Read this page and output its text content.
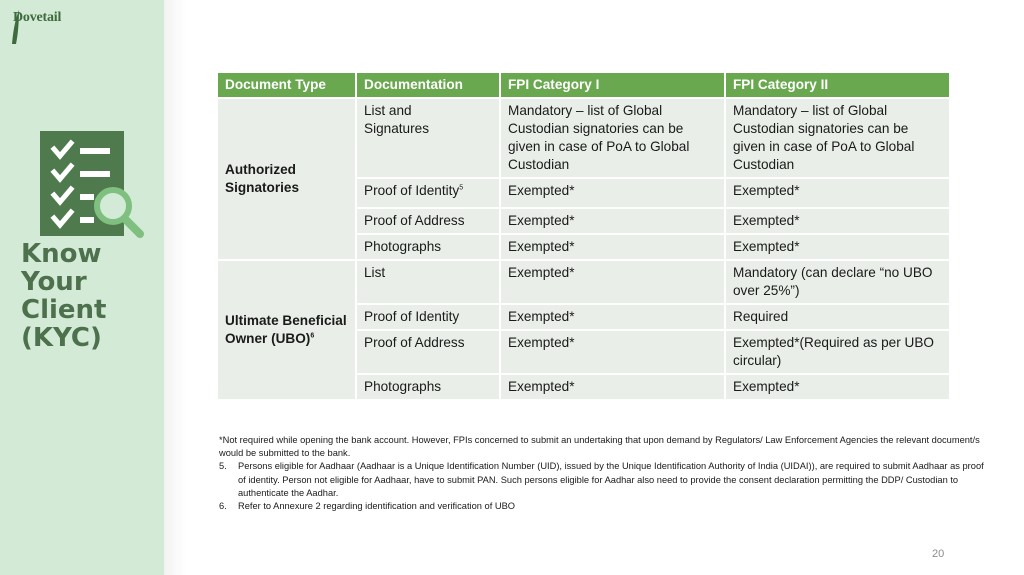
Dovetail
Know
Your
Client
(KYC)
Document Type	Documentation	FPI Category I	FPI Category II
Authorized Signatories	List and Signatures	Mandatory – list of Global Custodian signatories can be given in case of PoA to Global Custodian	Mandatory – list of Global Custodian signatories can be given in case of PoA to Global Custodian
	Proof of Identity$^5$	Exempted*	Exempted*
	Proof of Address	Exempted*	Exempted*
	Photographs	Exempted*	Exempted*
Ultimate Beneficial Owner (UBO)$^6$	List	Exempted*	Mandatory (can declare “no UBO over 25%”)
	Proof of Identity	Exempted*	Required
	Proof of Address	Exempted*	Exempted*(Required as per UBO circular)
	Photographs	Exempted*	Exempted*
*Not required while opening the bank account. However, FPIs concerned to submit an undertaking that upon demand by Regulators/ Law Enforcement Agencies the relevant document/s would be submitted to the bank.
5.	Persons eligible for Aadhaar (Aadhaar is a Unique Identification Number (UID), issued by the Unique Identification Authority of India (UIDAI)), are required to submit Aadhaar as proof of identity. Person not eligible for Aadhaar, have to submit PAN. Such persons eligible for Aadhar also need to provide the consent declaration permitting the DDP/ Custodian to authenticate the Aadhar.
6.	Refer to Annexure 2 regarding identification and verification of UBO
20
